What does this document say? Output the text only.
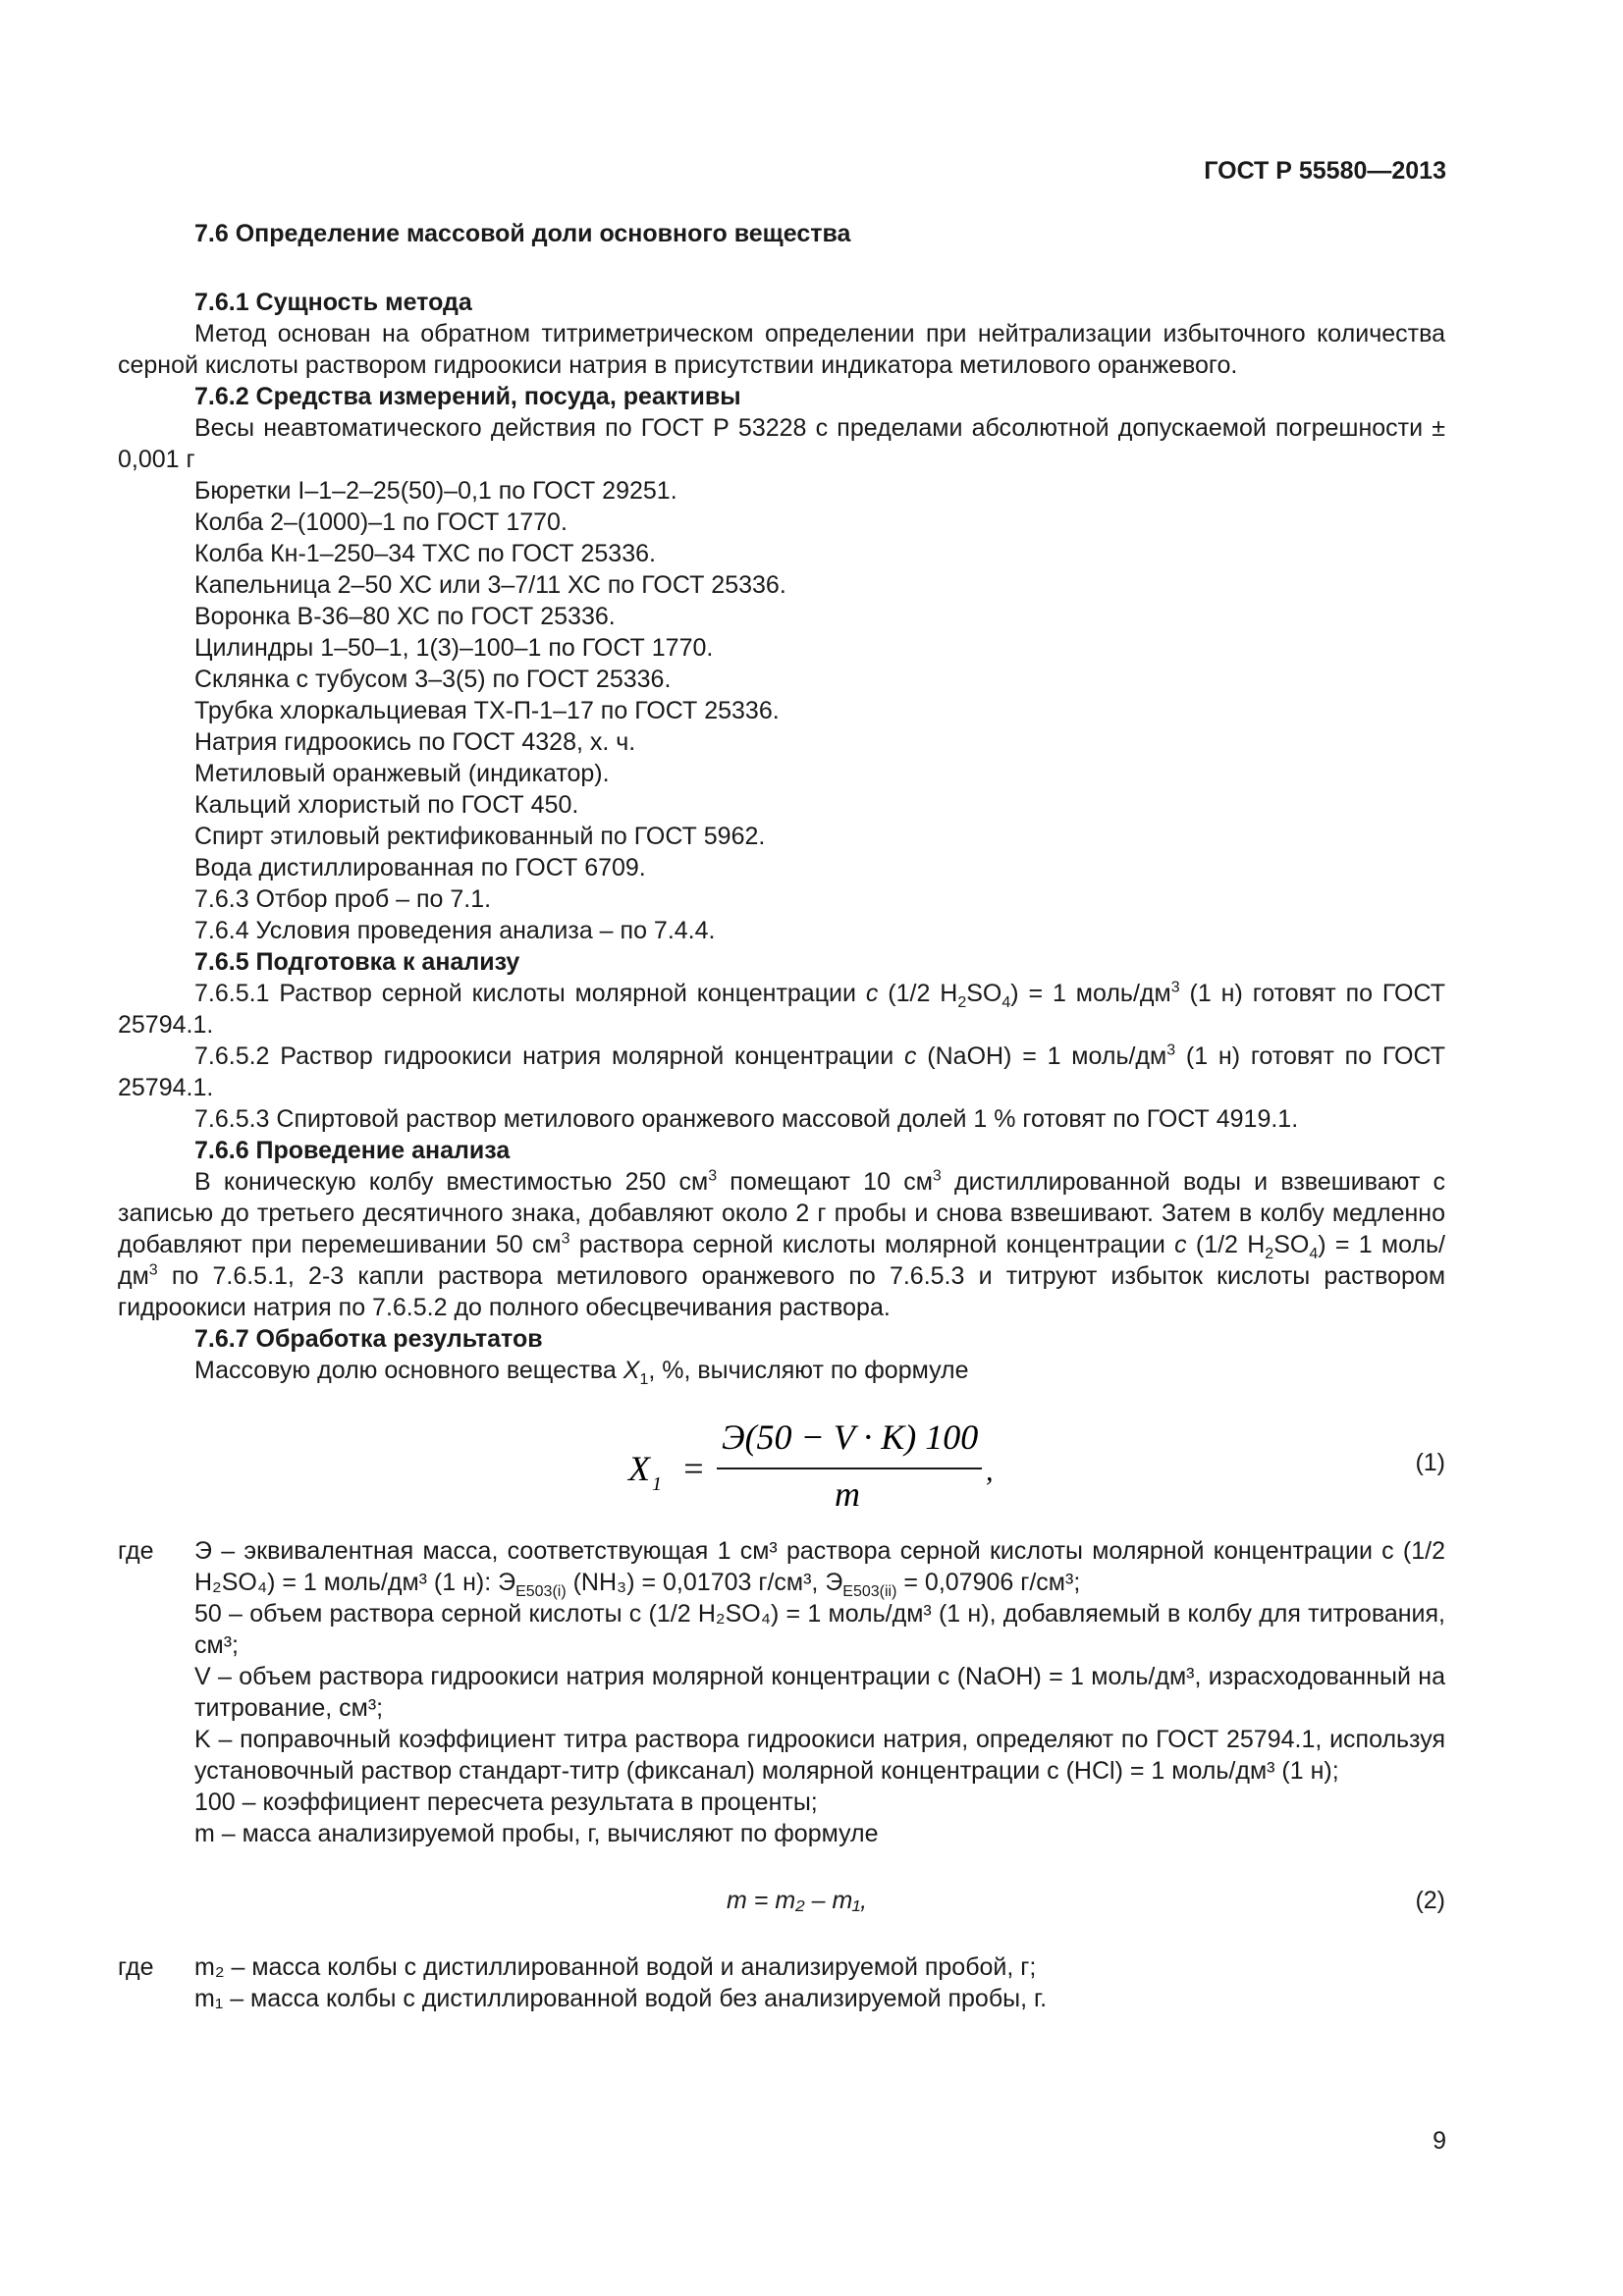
ГОСТ Р 55580—2013

7.6 Определение массовой доли основного вещества

7.6.1 Сущность метода

Метод основан на обратном титриметрическом определении при нейтрализации избыточного количества серной кислоты раствором гидроокиси натрия в присутствии индикатора метилового оранжевого.

7.6.2 Средства измерений, посуда, реактивы

Весы неавтоматического действия по ГОСТ Р 53228 с пределами абсолютной допускаемой погрешности ± 0,001 г

Бюретки I–1–2–25(50)–0,1 по ГОСТ 29251.

Колба 2–(1000)–1 по ГОСТ 1770.

Колба Кн-1–250–34 ТХС по ГОСТ 25336.

Капельница 2–50 ХС или 3–7/11 ХС по ГОСТ 25336.

Воронка В-36–80 ХС по ГОСТ 25336.

Цилиндры 1–50–1, 1(3)–100–1 по ГОСТ 1770.

Склянка с тубусом 3–3(5) по ГОСТ 25336.

Трубка хлоркальциевая ТХ-П-1–17 по ГОСТ 25336.

Натрия гидроокись по ГОСТ 4328, х. ч.

Метиловый оранжевый (индикатор).

Кальций хлористый по ГОСТ 450.

Спирт этиловый ректификованный по ГОСТ 5962.

Вода дистиллированная по ГОСТ 6709.

7.6.3 Отбор проб – по 7.1.

7.6.4 Условия проведения анализа – по 7.4.4.

7.6.5 Подготовка к анализу

7.6.5.1 Раствор серной кислоты молярной концентрации c (1/2 $H_2SO_4) = 1$ моль/$дм^3$ (1 н) готовят по ГОСТ 25794.1.

7.6.5.2 Раствор гидроокиси натрия молярной концентрации c (NaOH) = 1 моль/$дм^3$ (1 н) готовят по ГОСТ 25794.1.

7.6.5.3 Спиртовой раствор метилового оранжевого массовой долей 1 % готовят по ГОСТ 4919.1.

7.6.6 Проведение анализа

В коническую колбу вместимостью 250 $см^3$ помещают 10 $см^3$ дистиллированной воды и взвешивают с записью до третьего десятичного знака, добавляют около 2 г пробы и снова взвешивают. Затем в колбу медленно добавляют при перемешивании 50 $см^3$ раствора серной кислоты молярной концентрации c (1/2 $H_2SO_4) = 1$ моль/$дм^3$ по 7.6.5.1, 2-3 капли раствора метилового оранжевого по 7.6.5.3 и титруют избыток кислоты раствором гидроокиси натрия по 7.6.5.2 до полного обесцвечивания раствора.

7.6.7 Обработка результатов

Массовую долю основного вещества $X_1$, %, вычисляют по формуле

X 1 =
Э(50 − V · K) 100
m
,	(1)
где	Э – эквивалентная масса, соответствующая 1 см³ раствора серной кислоты молярной концентрации c (1/2 H₂SO₄) = 1 моль/дм³ (1 н): $Э_{E503(i)}$ (NH₃) = 0,01703 г/см³, $Э_{E503(ii)} = 0,07906$ г/см³;

50 – объем раствора серной кислоты c (1/2 H₂SO₄) = 1 моль/дм³ (1 н), добавляемый в колбу для титрования, см³;

V – объем раствора гидроокиси натрия молярной концентрации c (NaOH) = 1 моль/дм³, израсходованный на титрование, см³;

K – поправочный коэффициент титра раствора гидроокиси натрия, определяют по ГОСТ 25794.1, используя установочный раствор стандарт-титр (фиксанал) молярной концентрации c (HCl) = 1 моль/дм³ (1 н);

100 – коэффициент пересчета результата в проценты;

m – масса анализируемой пробы, г, вычисляют по формуле

m = m₂ – m₁,	(2)
где	m₂ – масса колбы с дистиллированной водой и анализируемой пробой, г;

m₁ – масса колбы с дистиллированной водой без анализируемой пробы, г.

9
